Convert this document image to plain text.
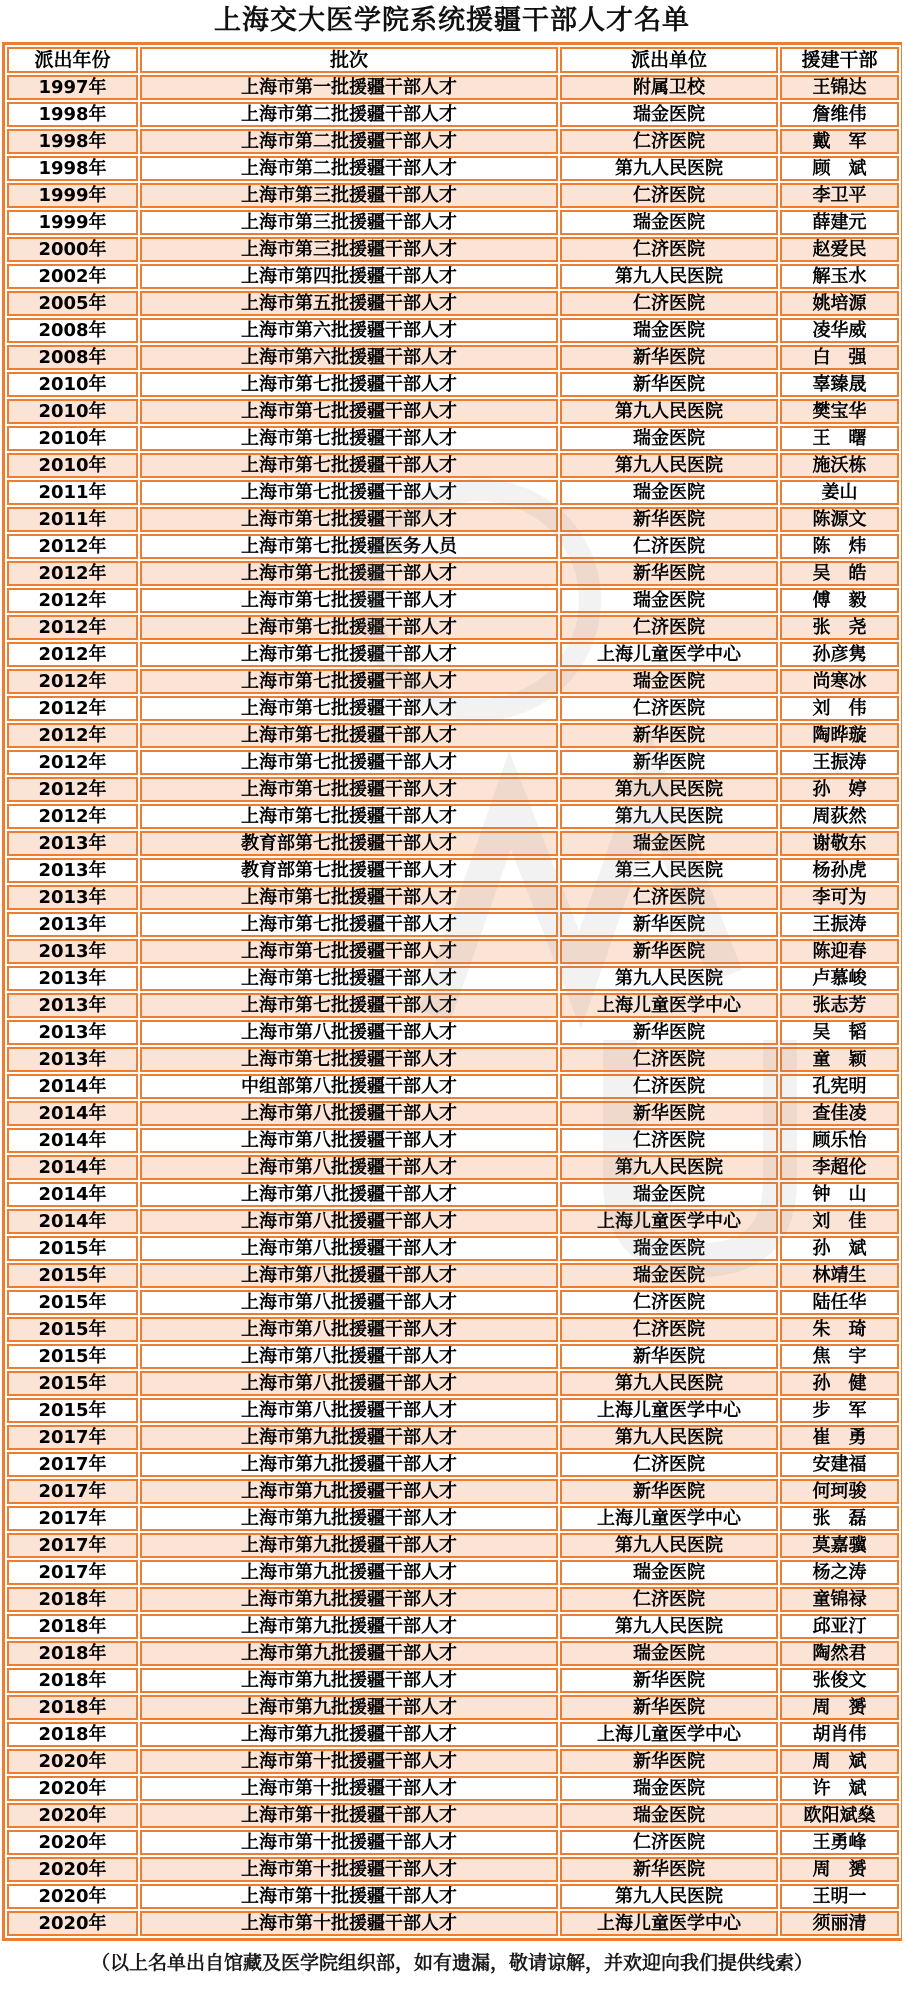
上海交大医学院系统援疆干部人才名单
派出年份	批次	派出单位	援建干部
1997年	上海市第一批援疆干部人才	附属卫校	王锦达
1998年	上海市第二批援疆干部人才	瑞金医院	詹维伟
1998年	上海市第二批援疆干部人才	仁济医院	戴　军
1998年	上海市第二批援疆干部人才	第九人民医院	顾　斌
1999年	上海市第三批援疆干部人才	仁济医院	李卫平
1999年	上海市第三批援疆干部人才	瑞金医院	薛建元
2000年	上海市第三批援疆干部人才	仁济医院	赵爱民
2002年	上海市第四批援疆干部人才	第九人民医院	解玉水
2005年	上海市第五批援疆干部人才	仁济医院	姚培源
2008年	上海市第六批援疆干部人才	瑞金医院	凌华威
2008年	上海市第六批援疆干部人才	新华医院	白　强
2010年	上海市第七批援疆干部人才	新华医院	辜臻晟
2010年	上海市第七批援疆干部人才	第九人民医院	樊宝华
2010年	上海市第七批援疆干部人才	瑞金医院	王　曙
2010年	上海市第七批援疆干部人才	第九人民医院	施沃栋
2011年	上海市第七批援疆干部人才	瑞金医院	姜山
2011年	上海市第七批援疆干部人才	新华医院	陈源文
2012年	上海市第七批援疆医务人员	仁济医院	陈　炜
2012年	上海市第七批援疆干部人才	新华医院	吴　皓
2012年	上海市第七批援疆干部人才	瑞金医院	傅　毅
2012年	上海市第七批援疆干部人才	仁济医院	张　尧
2012年	上海市第七批援疆干部人才	上海儿童医学中心	孙彦隽
2012年	上海市第七批援疆干部人才	瑞金医院	尚寒冰
2012年	上海市第七批援疆干部人才	仁济医院	刘　伟
2012年	上海市第七批援疆干部人才	新华医院	陶晔璇
2012年	上海市第七批援疆干部人才	新华医院	王振涛
2012年	上海市第七批援疆干部人才	第九人民医院	孙　婷
2012年	上海市第七批援疆干部人才	第九人民医院	周荻然
2013年	教育部第七批援疆干部人才	瑞金医院	谢敬东
2013年	教育部第七批援疆干部人才	第三人民医院	杨孙虎
2013年	上海市第七批援疆干部人才	仁济医院	李可为
2013年	上海市第七批援疆干部人才	新华医院	王振涛
2013年	上海市第七批援疆干部人才	新华医院	陈迎春
2013年	上海市第七批援疆干部人才	第九人民医院	卢慕峻
2013年	上海市第七批援疆干部人才	上海儿童医学中心	张志芳
2013年	上海市第八批援疆干部人才	新华医院	吴　韬
2013年	上海市第七批援疆干部人才	仁济医院	童　颖
2014年	中组部第八批援疆干部人才	仁济医院	孔宪明
2014年	上海市第八批援疆干部人才	新华医院	查佳凌
2014年	上海市第八批援疆干部人才	仁济医院	顾乐怡
2014年	上海市第八批援疆干部人才	第九人民医院	李超伦
2014年	上海市第八批援疆干部人才	瑞金医院	钟　山
2014年	上海市第八批援疆干部人才	上海儿童医学中心	刘　佳
2015年	上海市第八批援疆干部人才	瑞金医院	孙　斌
2015年	上海市第八批援疆干部人才	瑞金医院	林靖生
2015年	上海市第八批援疆干部人才	仁济医院	陆任华
2015年	上海市第八批援疆干部人才	仁济医院	朱　琦
2015年	上海市第八批援疆干部人才	新华医院	焦　宇
2015年	上海市第八批援疆干部人才	第九人民医院	孙　健
2015年	上海市第八批援疆干部人才	上海儿童医学中心	步　军
2017年	上海市第九批援疆干部人才	第九人民医院	崔　勇
2017年	上海市第九批援疆干部人才	仁济医院	安建福
2017年	上海市第九批援疆干部人才	新华医院	何珂骏
2017年	上海市第九批援疆干部人才	上海儿童医学中心	张　磊
2017年	上海市第九批援疆干部人才	第九人民医院	莫嘉骥
2017年	上海市第九批援疆干部人才	瑞金医院	杨之涛
2018年	上海市第九批援疆干部人才	仁济医院	童锦禄
2018年	上海市第九批援疆干部人才	第九人民医院	邱亚汀
2018年	上海市第九批援疆干部人才	瑞金医院	陶然君
2018年	上海市第九批援疆干部人才	新华医院	张俊文
2018年	上海市第九批援疆干部人才	新华医院	周　赟
2018年	上海市第九批援疆干部人才	上海儿童医学中心	胡肖伟
2020年	上海市第十批援疆干部人才	新华医院	周　斌
2020年	上海市第十批援疆干部人才	瑞金医院	许　斌
2020年	上海市第十批援疆干部人才	瑞金医院	欧阳斌燊
2020年	上海市第十批援疆干部人才	仁济医院	王勇峰
2020年	上海市第十批援疆干部人才	新华医院	周　赟
2020年	上海市第十批援疆干部人才	第九人民医院	王明一
2020年	上海市第十批援疆干部人才	上海儿童医学中心	须丽清
（以上名单出自馆藏及医学院组织部，如有遗漏，敬请谅解，并欢迎向我们提供线索）
